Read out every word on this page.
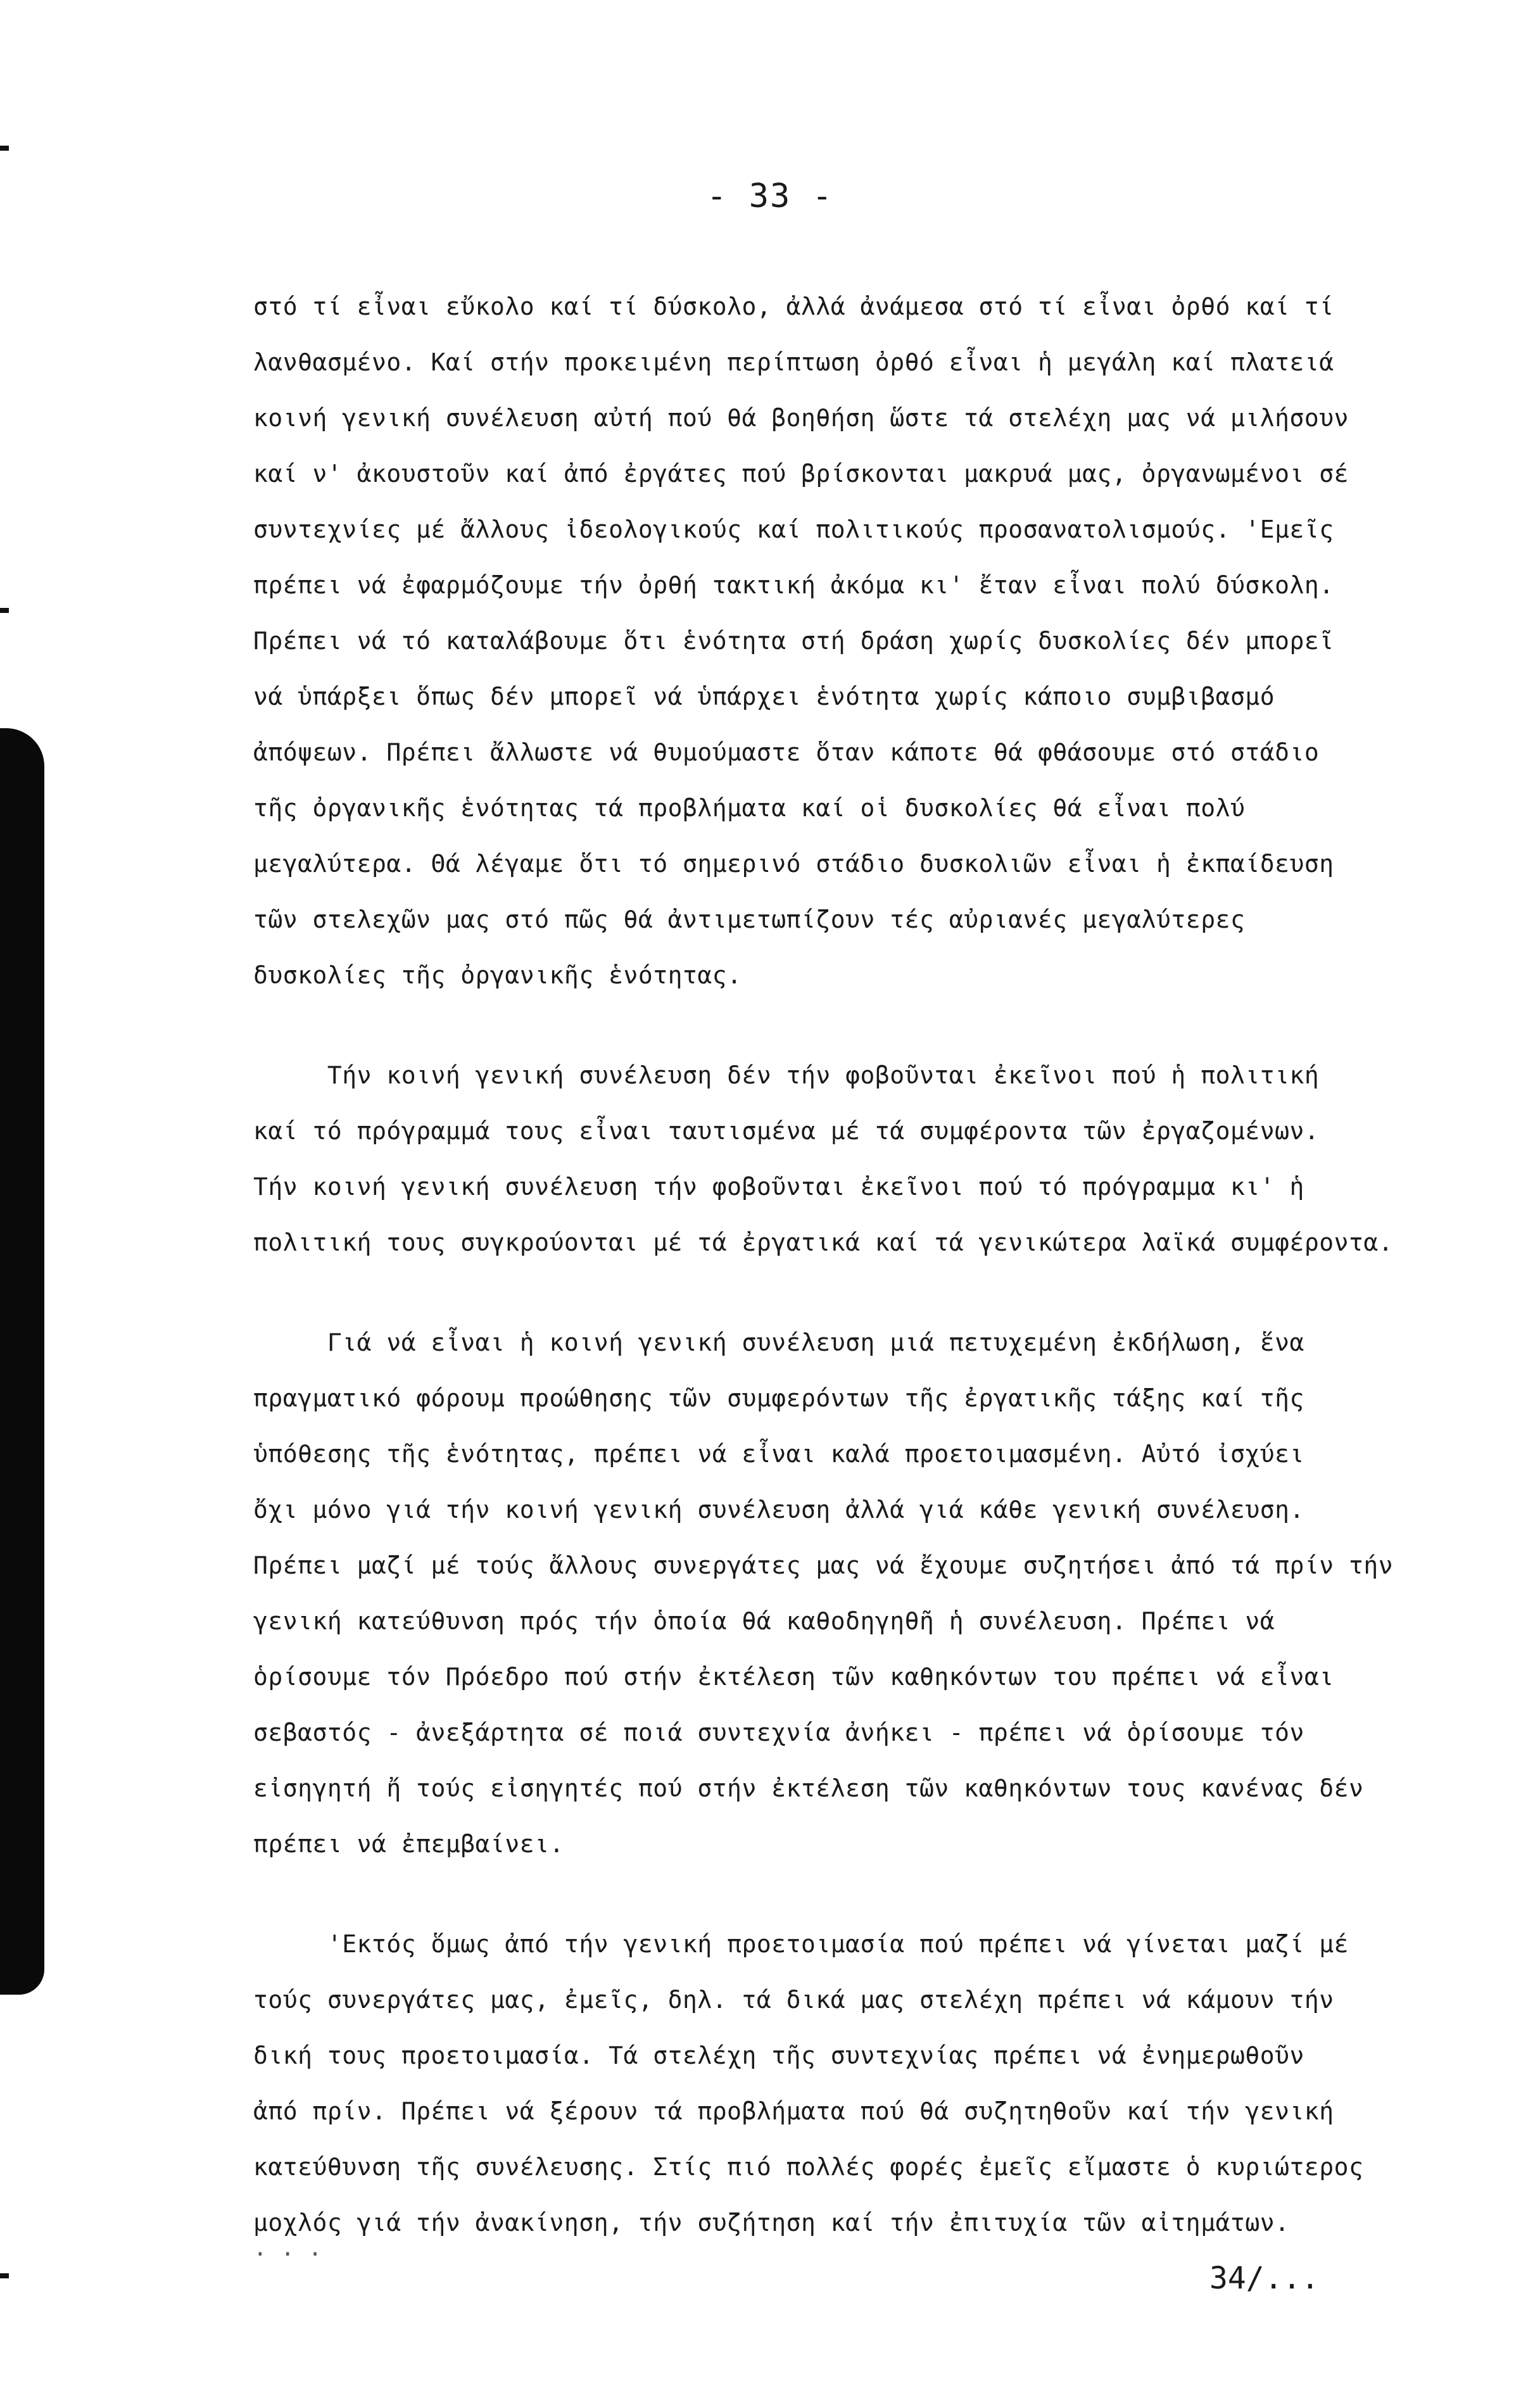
- 33 -
στό τί εἶναι εὔκολο καί τί δύσκολο, ἀλλά ἀνάμεσα στό τί εἶναι ὀρθό καί τί
λανθασμένο. Καί στήν προκειμένη περίπτωση ὀρθό εἶναι ἡ μεγάλη καί πλατειά
κοινή γενική συνέλευση αὐτή πού θά βοηθήση ὥστε τά στελέχη μας νά μιλήσουν
καί ν' ἀκουστοῦν καί ἀπό ἐργάτες πού βρίσκονται μακρυά μας, ὀργανωμένοι σέ
συντεχνίες μέ ἄλλους ἰδεολογικούς καί πολιτικούς προσανατολισμούς. 'Εμεῖς
πρέπει νά ἐφαρμόζουμε τήν ὀρθή τακτική ἀκόμα κι' ἔταν εἶναι πολύ δύσκολη.
Πρέπει νά τό καταλάβουμε ὅτι ἑνότητα στή δράση χωρίς δυσκολίες δέν μπορεῖ
νά ὑπάρξει ὅπως δέν μπορεῖ νά ὑπάρχει ἑνότητα χωρίς κάποιο συμβιβασμό
ἀπόψεων. Πρέπει ἄλλωστε νά θυμούμαστε ὅταν κάποτε θά φθάσουμε στό στάδιο
τῆς ὀργανικῆς ἑνότητας τά προβλήματα καί οἱ δυσκολίες θά εἶναι πολύ
μεγαλύτερα. Θά λέγαμε ὅτι τό σημερινό στάδιο δυσκολιῶν εἶναι ἡ ἐκπαίδευση
τῶν στελεχῶν μας στό πῶς θά ἀντιμετωπίζουν τές αὐριανές μεγαλύτερες
δυσκολίες τῆς ὀργανικῆς ἑνότητας.
Τήν κοινή γενική συνέλευση δέν τήν φοβοῦνται ἐκεῖνοι πού ἡ πολιτική
καί τό πρόγραμμά τους εἶναι ταυτισμένα μέ τά συμφέροντα τῶν ἐργαζομένων.
Τήν κοινή γενική συνέλευση τήν φοβοῦνται ἐκεῖνοι πού τό πρόγραμμα κι' ἡ
πολιτική τους συγκρούονται μέ τά ἐργατικά καί τά γενικώτερα λαϊκά συμφέροντα.
Γιά νά εἶναι ἡ κοινή γενική συνέλευση μιά πετυχεμένη ἐκδήλωση, ἕνα
πραγματικό φόρουμ προώθησης τῶν συμφερόντων τῆς ἐργατικῆς τάξης καί τῆς
ὑπόθεσης τῆς ἑνότητας, πρέπει νά εἶναι καλά προετοιμασμένη. Αὐτό ἰσχύει
ὄχι μόνο γιά τήν κοινή γενική συνέλευση ἀλλά γιά κάθε γενική συνέλευση.
Πρέπει μαζί μέ τούς ἄλλους συνεργάτες μας νά ἔχουμε συζητήσει ἀπό τά πρίν τήν
γενική κατεύθυνση πρός τήν ὁποία θά καθοδηγηθῆ ἡ συνέλευση. Πρέπει νά
ὁρίσουμε τόν Πρόεδρο πού στήν ἐκτέλεση τῶν καθηκόντων του πρέπει νά εἶναι
σεβαστός - ἀνεξάρτητα σέ ποιά συντεχνία ἀνήκει - πρέπει νά ὁρίσουμε τόν
εἰσηγητή ἤ τούς εἰσηγητές πού στήν ἐκτέλεση τῶν καθηκόντων τους κανένας δέν
πρέπει νά ἐπεμβαίνει.
'Εκτός ὅμως ἀπό τήν γενική προετοιμασία πού πρέπει νά γίνεται μαζί μέ
τούς συνεργάτες μας, ἐμεῖς, δηλ. τά δικά μας στελέχη πρέπει νά κάμουν τήν
δική τους προετοιμασία. Τά στελέχη τῆς συντεχνίας πρέπει νά ἐνημερωθοῦν
ἀπό πρίν. Πρέπει νά ξέρουν τά προβλήματα πού θά συζητηθοῦν καί τήν γενική
κατεύθυνση τῆς συνέλευσης. Στίς πιό πολλές φορές ἐμεῖς εἴμαστε ὁ κυριώτερος
μοχλός γιά τήν ἀνακίνηση, τήν συζήτηση καί τήν ἐπιτυχία τῶν αἰτημάτων.
. . .
34/...
